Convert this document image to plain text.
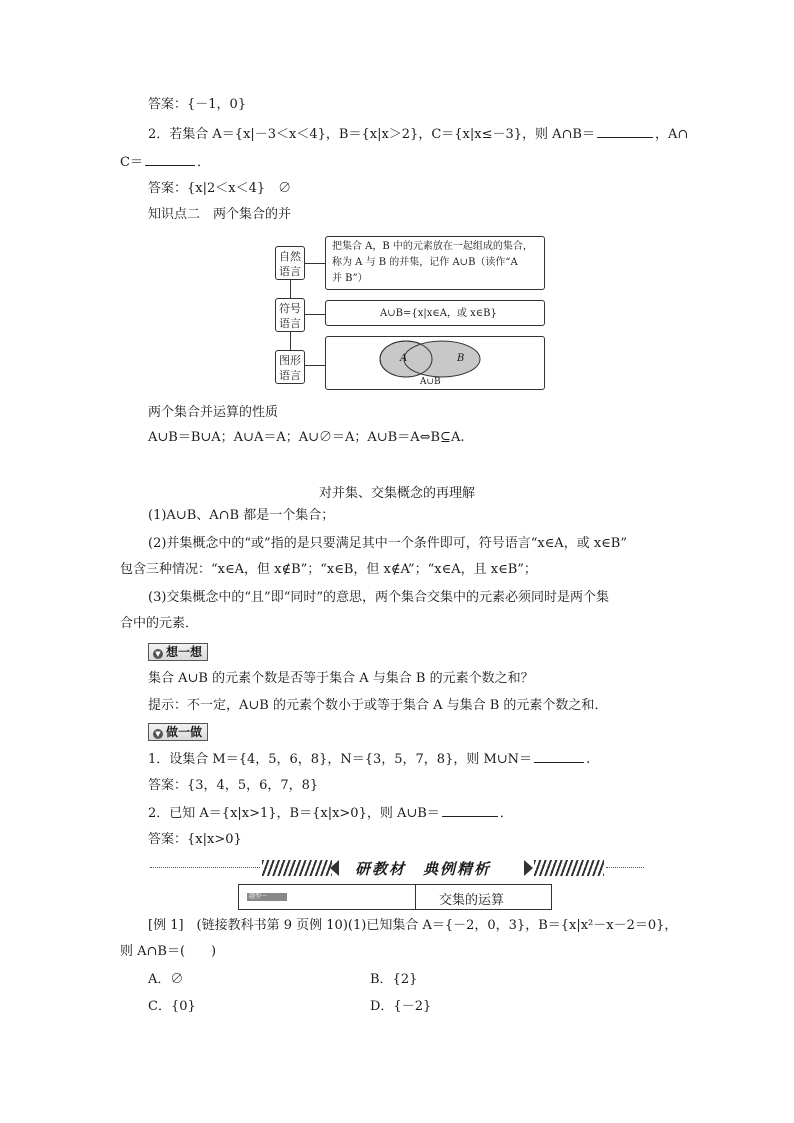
答案：{－1，0}
2．若集合 A＝{x|－3＜x＜4}，B＝{x|x＞2}，C＝{x|x≤－3}，则 A∩B＝	，A∩
C＝	．
答案：{x|2＜x＜4}　∅
知识点二　两个集合的并
自然语言
把集合 A，B 中的元素放在一起组成的集合，
称为 A 与 B 的并集，记作 A∪B（读作“A
并 B”）
符号语言
A∪B={x|x∈A，或 x∈B}
图形语言
A	B
A∪B
两个集合并运算的性质
A∪B＝B∪A；A∪A＝A；A∪∅＝A；A∪B＝A⇔B⊆A.
对并集、交集概念的再理解
(1)A∪B、A∩B 都是一个集合；
(2)并集概念中的“或”指的是只要满足其中一个条件即可，符号语言“x∈A，或 x∈B”
包含三种情况：“x∈A，但 x∉B”；“x∈B，但 x∉A”；“x∈A，且 x∈B”；
(3)交集概念中的“且”即“同时”的意思，两个集合交集中的元素必须同时是两个集
合中的元素．
▼ 想一想
集合 A∪B 的元素个数是否等于集合 A 与集合 B 的元素个数之和？
提示：不一定，A∪B 的元素个数小于或等于集合 A 与集合 B 的元素个数之和．
▼ 做一做
1．设集合 M＝{4，5，6，8}，N＝{3，5，7，8}，则 M∪N＝	.
答案：{3，4，5，6，7，8}
2．已知 A＝{x|x>1}，B＝{x|x>0}，则 A∪B＝	．
答案：{x|x>0}
研教材　典例精析
题型一	交集的运算
[例 1]　(链接教科书第 9 页例 10)(1)已知集合 A＝{－2，0，3}，B＝{x|x²－x－2＝0}，
则 A∩B＝(　　)
A．∅	B．{2}
C．{0}	D．{－2}
